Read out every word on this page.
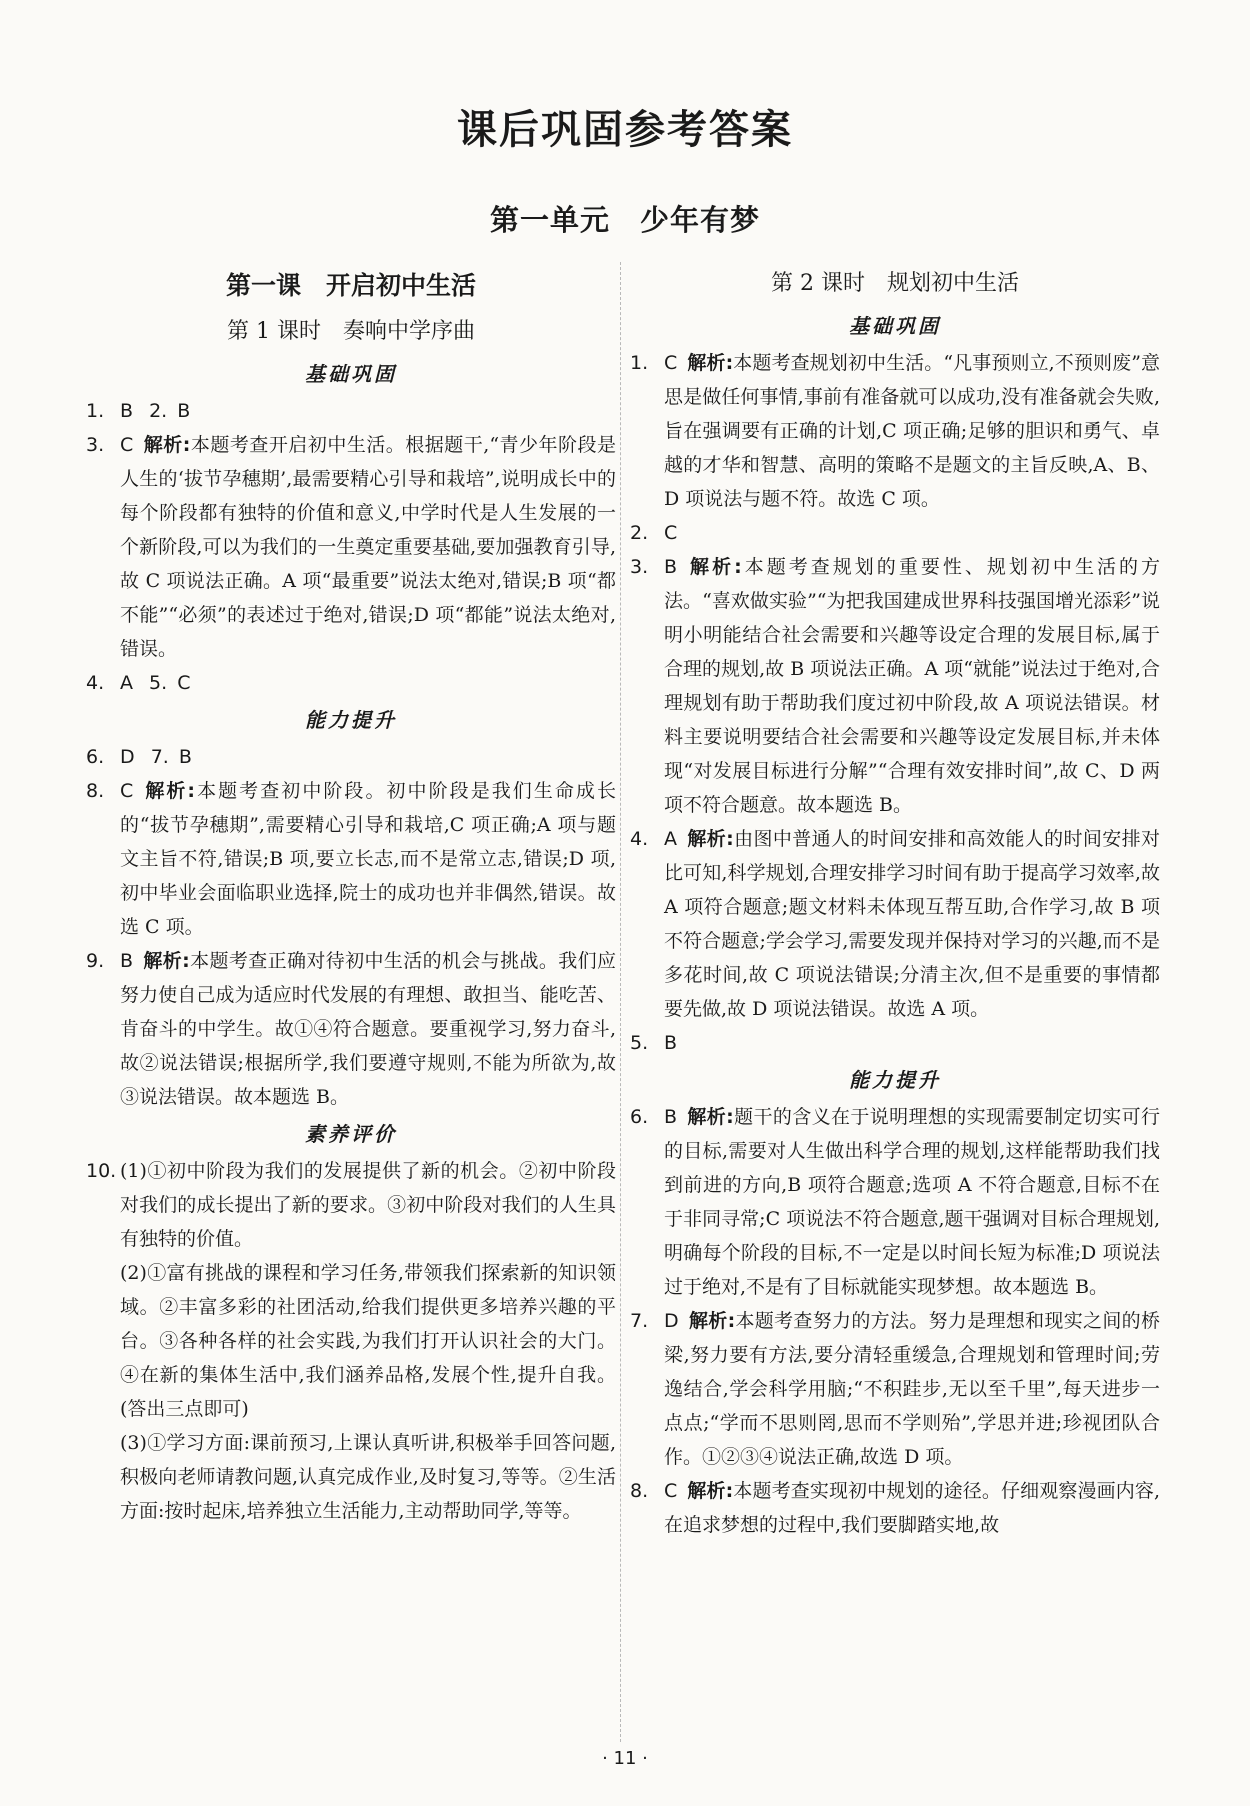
课后巩固参考答案
第一单元　少年有梦
第一课　开启初中生活
第 1 课时　奏响中学序曲
基础巩固
1. B 2. B
3. C 解析:本题考查开启初中生活。根据题干,“青少年阶段是人生的‘拔节孕穗期’,最需要精心引导和栽培”,说明成长中的每个阶段都有独特的价值和意义,中学时代是人生发展的一个新阶段,可以为我们的一生奠定重要基础,要加强教育引导,故 C 项说法正确。A 项“最重要”说法太绝对,错误;B 项“都不能”“必须”的表述过于绝对,错误;D 项“都能”说法太绝对,错误。
4. A 5. C
能力提升
6. D 7. B
8. C 解析:本题考查初中阶段。初中阶段是我们生命成长的“拔节孕穗期”,需要精心引导和栽培,C 项正确;A 项与题文主旨不符,错误;B 项,要立长志,而不是常立志,错误;D 项,初中毕业会面临职业选择,院士的成功也并非偶然,错误。故选 C 项。
9. B 解析:本题考查正确对待初中生活的机会与挑战。我们应努力使自己成为适应时代发展的有理想、敢担当、能吃苦、肯奋斗的中学生。故①④符合题意。要重视学习,努力奋斗,故②说法错误;根据所学,我们要遵守规则,不能为所欲为,故③说法错误。故本题选 B。
素养评价
10. (1)①初中阶段为我们的发展提供了新的机会。②初中阶段对我们的成长提出了新的要求。③初中阶段对我们的人生具有独特的价值。
(2)①富有挑战的课程和学习任务,带领我们探索新的知识领域。②丰富多彩的社团活动,给我们提供更多培养兴趣的平台。③各种各样的社会实践,为我们打开认识社会的大门。④在新的集体生活中,我们涵养品格,发展个性,提升自我。(答出三点即可)
(3)①学习方面:课前预习,上课认真听讲,积极举手回答问题,积极向老师请教问题,认真完成作业,及时复习,等等。②生活方面:按时起床,培养独立生活能力,主动帮助同学,等等。
第 2 课时　规划初中生活
基础巩固
1. C 解析:本题考查规划初中生活。“凡事预则立,不预则废”意思是做任何事情,事前有准备就可以成功,没有准备就会失败,旨在强调要有正确的计划,C 项正确;足够的胆识和勇气、卓越的才华和智慧、高明的策略不是题文的主旨反映,A、B、D 项说法与题不符。故选 C 项。
2. C
3. B 解析:本题考查规划的重要性、规划初中生活的方法。“喜欢做实验”“为把我国建成世界科技强国增光添彩”说明小明能结合社会需要和兴趣等设定合理的发展目标,属于合理的规划,故 B 项说法正确。A 项“就能”说法过于绝对,合理规划有助于帮助我们度过初中阶段,故 A 项说法错误。材料主要说明要结合社会需要和兴趣等设定发展目标,并未体现“对发展目标进行分解”“合理有效安排时间”,故 C、D 两项不符合题意。故本题选 B。
4. A 解析:由图中普通人的时间安排和高效能人的时间安排对比可知,科学规划,合理安排学习时间有助于提高学习效率,故 A 项符合题意;题文材料未体现互帮互助,合作学习,故 B 项不符合题意;学会学习,需要发现并保持对学习的兴趣,而不是多花时间,故 C 项说法错误;分清主次,但不是重要的事情都要先做,故 D 项说法错误。故选 A 项。
5. B
能力提升
6. B 解析:题干的含义在于说明理想的实现需要制定切实可行的目标,需要对人生做出科学合理的规划,这样能帮助我们找到前进的方向,B 项符合题意;选项 A 不符合题意,目标不在于非同寻常;C 项说法不符合题意,题干强调对目标合理规划,明确每个阶段的目标,不一定是以时间长短为标准;D 项说法过于绝对,不是有了目标就能实现梦想。故本题选 B。
7. D 解析:本题考查努力的方法。努力是理想和现实之间的桥梁,努力要有方法,要分清轻重缓急,合理规划和管理时间;劳逸结合,学会科学用脑;“不积跬步,无以至千里”,每天进步一点点;“学而不思则罔,思而不学则殆”,学思并进;珍视团队合作。①②③④说法正确,故选 D 项。
8. C 解析:本题考查实现初中规划的途径。仔细观察漫画内容,在追求梦想的过程中,我们要脚踏实地,故
· 11 ·
